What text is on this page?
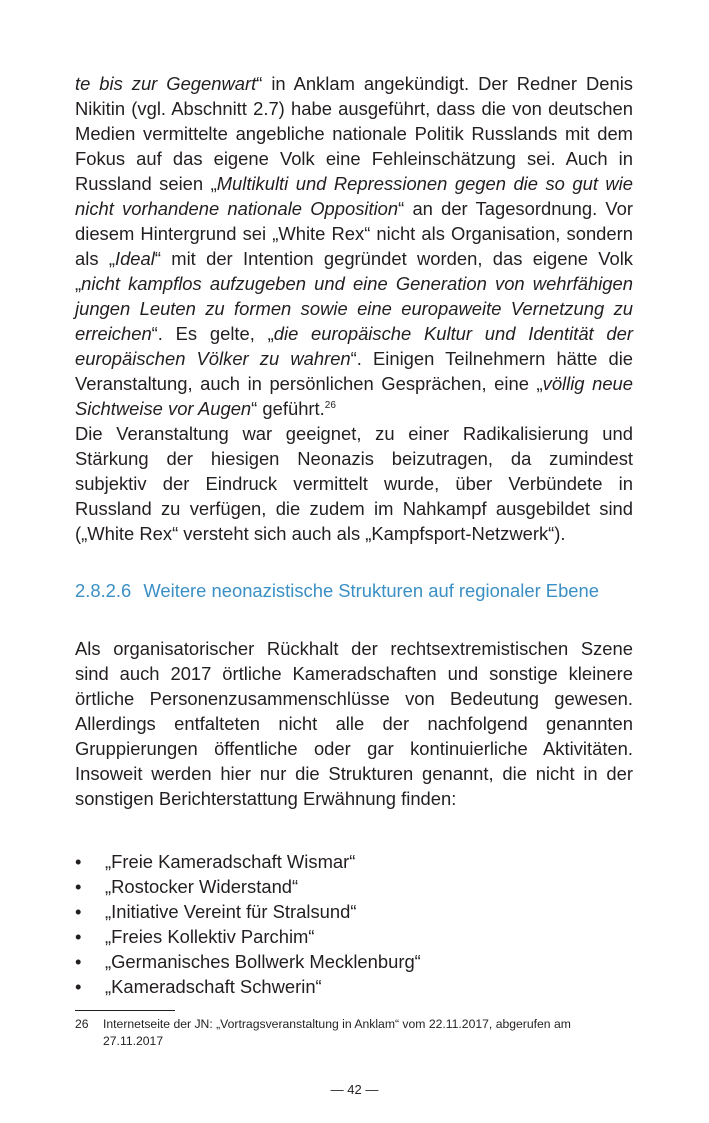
te bis zur Gegenwart“ in Anklam angekündigt. Der Redner Denis Nikitin (vgl. Abschnitt 2.7) habe ausgeführt, dass die von deutschen Medien vermittelte angebliche nationale Politik Russlands mit dem Fokus auf das eigene Volk eine Fehleinschätzung sei. Auch in Russland seien „Multikulti und Repressionen gegen die so gut wie nicht vorhandene nationale Opposition“ an der Tagesordnung. Vor diesem Hintergrund sei „White Rex“ nicht als Organisation, sondern als „Ideal“ mit der Intention gegründet worden, das eigene Volk „nicht kampflos aufzugeben und eine Generation von wehrfähigen jungen Leuten zu formen sowie eine europaweite Vernetzung zu erreichen“. Es gelte, „die europäische Kultur und Identität der europäischen Völker zu wahren“. Einigen Teilnehmern hätte die Veranstaltung, auch in persönlichen Gesprächen, eine „völlig neue Sichtweise vor Augen“ geführt.$^{26}$

Die Veranstaltung war geeignet, zu einer Radikalisierung und Stärkung der hiesigen Neonazis beizutragen, da zumindest subjektiv der Eindruck vermittelt wurde, über Verbündete in Russland zu verfügen, die zudem im Nahkampf ausgebildet sind („White Rex“ versteht sich auch als „Kampfsport-Netzwerk“).

2.8.2.6 Weitere neonazistische Strukturen auf regionaler Ebene

Als organisatorischer Rückhalt der rechtsextremistischen Szene sind auch 2017 örtliche Kameradschaften und sonstige kleinere örtliche Personenzusammenschlüsse von Bedeutung gewesen. Allerdings entfalteten nicht alle der nachfolgend genannten Gruppierungen öffentliche oder gar kontinuierliche Aktivitäten. Insoweit werden hier nur die Strukturen genannt, die nicht in der sonstigen Berichterstattung Erwähnung finden:

• „Freie Kameradschaft Wismar“
• „Rostocker Widerstand“
• „Initiative Vereint für Stralsund“
• „Freies Kollektiv Parchim“
• „Germanisches Bollwerk Mecklenburg“
• „Kameradschaft Schwerin“
26	Internetseite der JN: „Vortragsveranstaltung in Anklam“ vom 22.11.2017, abgerufen am 27.11.2017
— 42 —
